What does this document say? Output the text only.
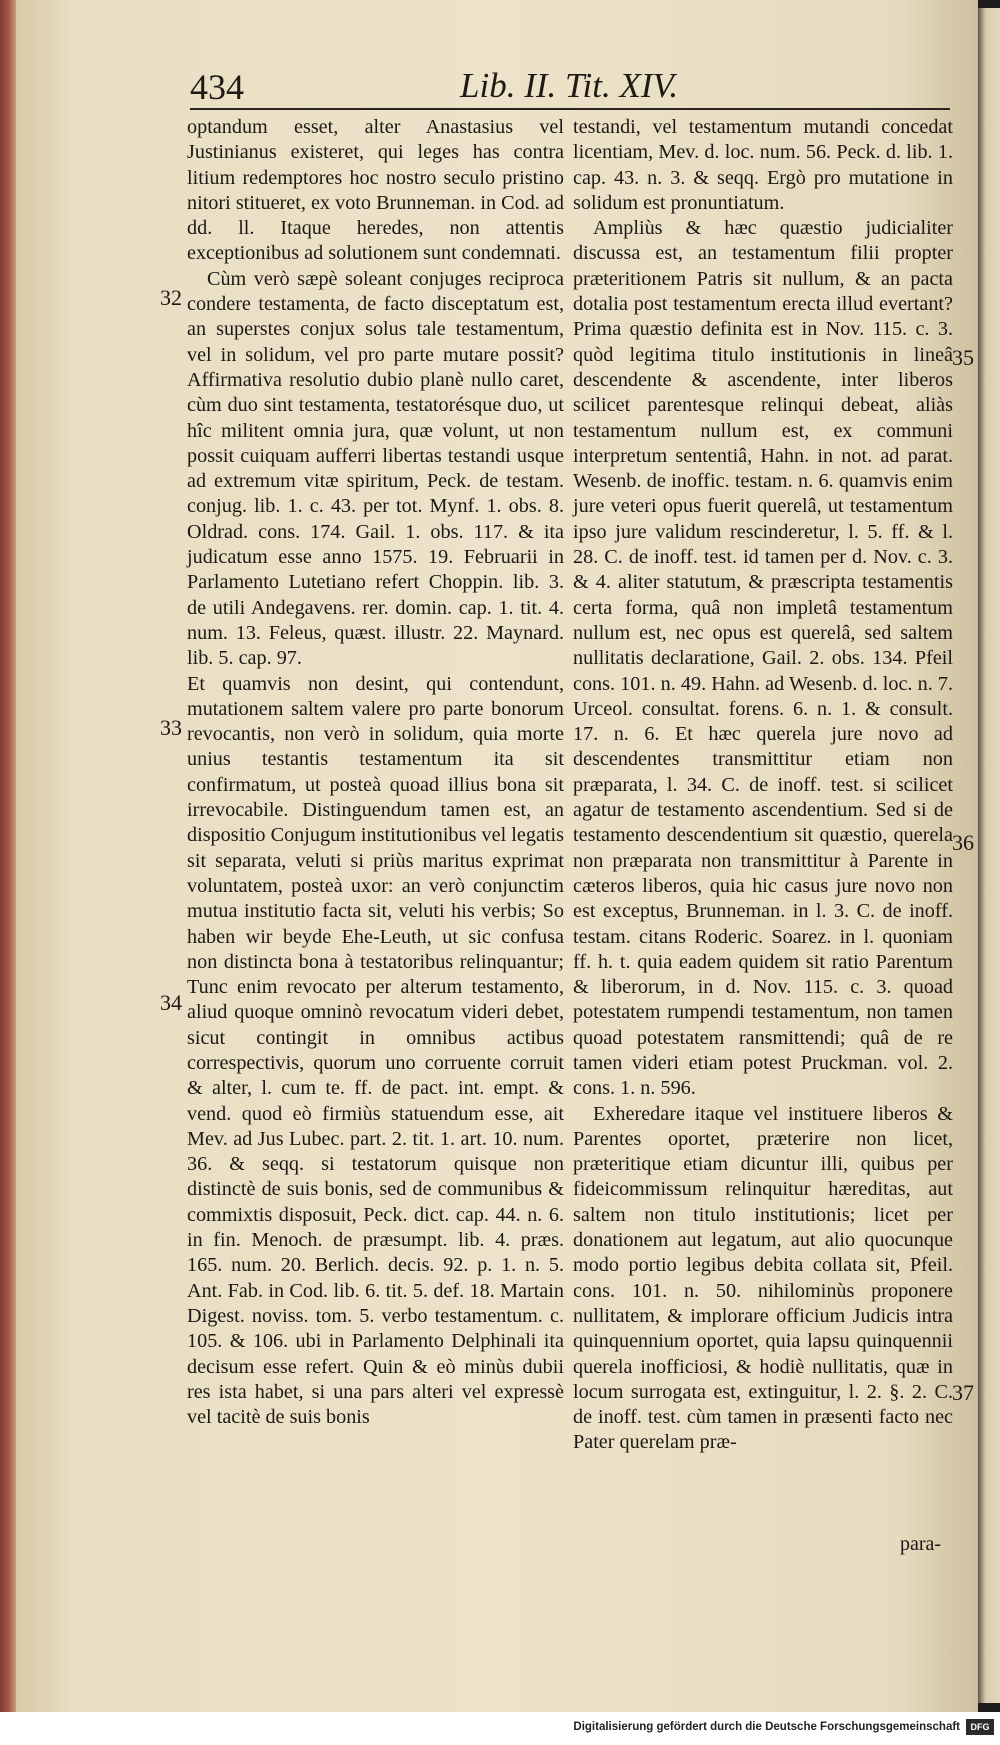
434	Lib. II. Tit. XIV.

optandum esset, alter Anastasius vel Justinianus existeret, qui leges has contra litium redemptores hoc nostro seculo pristino nitori stitueret, ex voto Brunneman. in Cod. ad dd. ll. Itaque heredes, non attentis exceptionibus ad solutionem sunt condemnati.

Cùm verò sæpè soleant conjuges reciproca condere testamenta, de facto disceptatum est, an superstes conjux solus tale testamentum, vel in solidum, vel pro parte mutare possit? Affirmativa resolutio dubio planè nullo caret, cùm duo sint testamenta, testatorésque duo, ut hîc militent omnia jura, quæ volunt, ut non possit cuiquam aufferri libertas testandi usque ad extremum vitæ spiritum, Peck. de testam. conjug. lib. 1. c. 43. per tot. Mynf. 1. obs. 8. Oldrad. cons. 174. Gail. 1. obs. 117. & ita judicatum esse anno 1575. 19. Februarii in Parlamento Lutetiano refert Choppin. lib. 3. de utili Andegavens. rer. domin. cap. 1. tit. 4. num. 13. Feleus, quæst. illustr. 22. Maynard. lib. 5. cap. 97.

Et quamvis non desint, qui contendunt, mutationem saltem valere pro parte bonorum revocantis, non verò in solidum, quia morte unius testantis testamentum ita sit confirmatum, ut posteà quoad illius bona sit irrevocabile. Distinguendum tamen est, an dispositio Conjugum institutionibus vel legatis sit separata, veluti si priùs maritus exprimat voluntatem, posteà uxor: an verò conjunctim mutua institutio facta sit, veluti his verbis; So haben wir beyde Ehe-Leuth, ut sic confusa non distincta bona à testatoribus relinquantur; Tunc enim revocato per alterum testamento, aliud quoque omninò revocatum videri debet, sicut contingit in omnibus actibus correspectivis, quorum uno corruente corruit & alter, l. cum te. ff. de pact. int. empt. & vend. quod eò firmiùs statuendum esse, ait Mev. ad Jus Lubec. part. 2. tit. 1. art. 10. num. 36. & seqq. si testatorum quisque non distinctè de suis bonis, sed de communibus & commixtis disposuit, Peck. dict. cap. 44. n. 6. in fin. Menoch. de præsumpt. lib. 4. præs. 165. num. 20. Berlich. decis. 92. p. 1. n. 5. Ant. Fab. in Cod. lib. 6. tit. 5. def. 18. Martain Digest. noviss. tom. 5. verbo testamentum. c. 105. & 106. ubi in Parlamento Delphinali ita decisum esse refert. Quin & eò minùs dubii res ista habet, si una pars alteri vel expressè vel tacitè de suis bonis

testandi, vel testamentum mutandi concedat licentiam, Mev. d. loc. num. 56. Peck. d. lib. 1. cap. 43. n. 3. & seqq. Ergò pro mutatione in solidum est pronuntiatum.

Ampliùs & hæc quæstio judicialiter discussa est, an testamentum filii propter præteritionem Patris sit nullum, & an pacta dotalia post testamentum erecta illud evertant? Prima quæstio definita est in Nov. 115. c. 3. quòd legitima titulo institutionis in lineâ descendente & ascendente, inter liberos scilicet parentesque relinqui debeat, aliàs testamentum nullum est, ex communi interpretum sententiâ, Hahn. in not. ad parat. Wesenb. de inoffic. testam. n. 6. quamvis enim jure veteri opus fuerit querelâ, ut testamentum ipso jure validum rescinderetur, l. 5. ff. & l. 28. C. de inoff. test. id tamen per d. Nov. c. 3. & 4. aliter statutum, & præscripta testamentis certa forma, quâ non impletâ testamentum nullum est, nec opus est querelâ, sed saltem nullitatis declaratione, Gail. 2. obs. 134. Pfeil cons. 101. n. 49. Hahn. ad Wesenb. d. loc. n. 7. Urceol. consultat. forens. 6. n. 1. & consult. 17. n. 6. Et hæc querela jure novo ad descendentes transmittitur etiam non præparata, l. 34. C. de inoff. test. si scilicet agatur de testamento ascendentium. Sed si de testamento descendentium sit quæstio, querela non præparata non transmittitur à Parente in cæteros liberos, quia hic casus jure novo non est exceptus, Brunneman. in l. 3. C. de inoff. testam. citans Roderic. Soarez. in l. quoniam ff. h. t. quia eadem quidem sit ratio Parentum & liberorum, in d. Nov. 115. c. 3. quoad potestatem rumpendi testamentum, non tamen quoad potestatem ransmittendi; quâ de re tamen videri etiam potest Pruckman. vol. 2. cons. 1. n. 596.

Exheredare itaque vel instituere liberos & Parentes oportet, præterire non licet, præteritique etiam dicuntur illi, quibus per fideicommissum relinquitur hæreditas, aut saltem non titulo institutionis; licet per donationem aut legatum, aut alio quocunque modo portio legibus debita collata sit, Pfeil. cons. 101. n. 50. nihilominùs proponere nullitatem, & implorare officium Judicis intra quinquennium oportet, quia lapsu quinquennii querela inofficiosi, & hodiè nullitatis, quæ in locum surrogata est, extinguitur, l. 2. §. 2. C. de inoff. test. cùm tamen in præsenti facto nec Pater querelam præ-

32
33
34
35
36
37
para-
Digitalisierung gefördert durch die Deutsche Forschungsgemeinschaft	DFG
